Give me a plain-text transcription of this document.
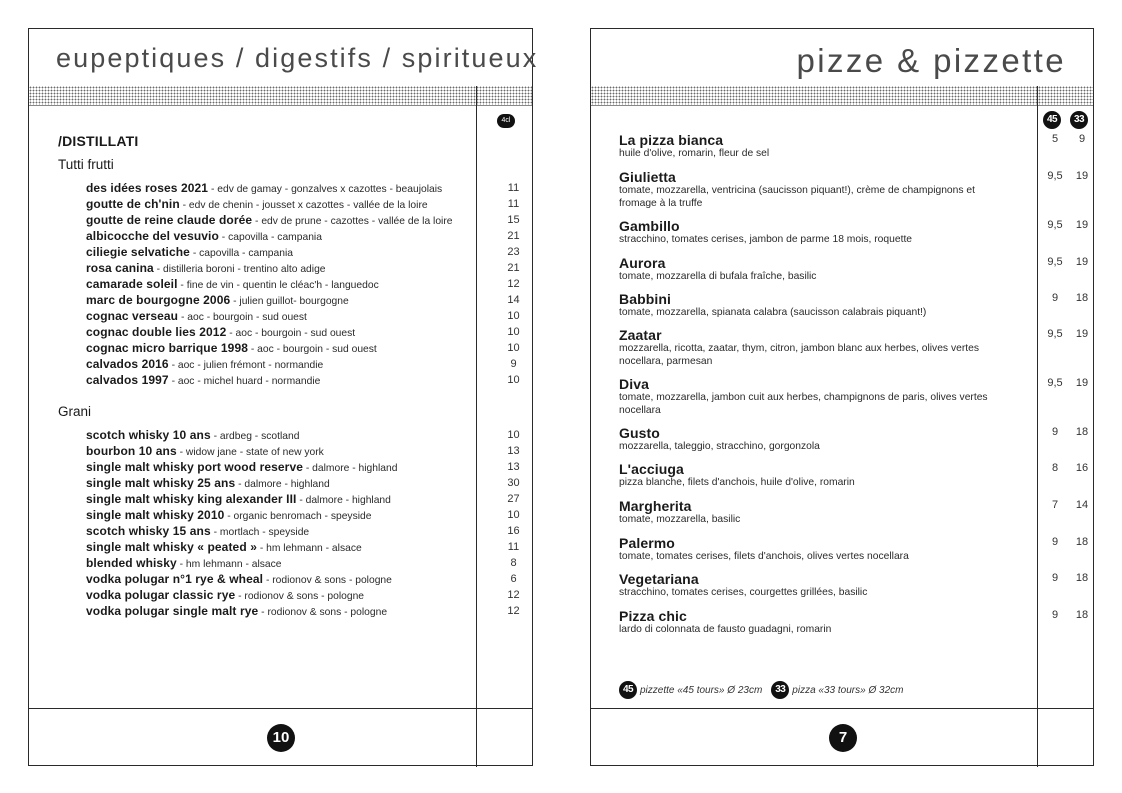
eupeptiques / digestifs / spiritueux
4cl
/DISTILLATI
Tutti frutti
des idées roses 2021 - edv de gamay - gonzalves x cazottes - beaujolais	11
goutte de ch'nin - edv de chenin - jousset x cazottes - vallée de la loire	11
goutte de reine claude dorée - edv de prune - cazottes - vallée de la loire	15
albicocche del vesuvio - capovilla - campania	21
ciliegie selvatiche - capovilla - campania	23
rosa canina - distilleria boroni - trentino alto adige	21
camarade soleil - fine de vin - quentin le cléac'h - languedoc	12
marc de bourgogne 2006 - julien guillot- bourgogne	14
cognac verseau - aoc - bourgoin - sud ouest	10
cognac double lies 2012 - aoc - bourgoin - sud ouest	10
cognac micro barrique 1998 - aoc - bourgoin - sud ouest	10
calvados 2016 - aoc - julien frémont - normandie	9
calvados 1997 - aoc - michel huard - normandie	10
Grani
scotch whisky 10 ans - ardbeg - scotland	10
bourbon 10 ans - widow jane - state of new york	13
single malt whisky port wood reserve - dalmore - highland	13
single malt whisky 25 ans - dalmore - highland	30
single malt whisky king alexander III - dalmore - highland	27
single malt whisky 2010 - organic benromach - speyside	10
scotch whisky 15 ans - mortlach - speyside	16
single malt whisky « peated » - hm lehmann - alsace	11
blended whisky - hm lehmann - alsace	8
vodka polugar n°1 rye & wheal - rodionov & sons - pologne	6
vodka polugar classic rye - rodionov & sons - pologne	12
vodka polugar single malt rye - rodionov & sons - pologne	12
10
pizze & pizzette
45	33
La pizza bianca
huile d'olive, romarin, fleur de sel
5	9
Giulietta
tomate, mozzarella, ventricina (saucisson piquant!), crème de champignons et fromage à la truffe
9,5	19
Gambillo
stracchino, tomates cerises, jambon de parme 18 mois, roquette
9,5	19
Aurora
tomate, mozzarella di bufala fraîche, basilic
9,5	19
Babbini
tomate, mozzarella, spianata calabra (saucisson calabrais piquant!)
9	18
Zaatar
mozzarella, ricotta, zaatar, thym, citron, jambon blanc aux herbes, olives vertes nocellara, parmesan
9,5	19
Diva
tomate, mozzarella, jambon cuit aux herbes, champignons de paris, olives vertes nocellara
9,5	19
Gusto
mozzarella, taleggio, stracchino, gorgonzola
9	18
L'acciuga
pizza blanche, filets d'anchois, huile d'olive, romarin
8	16
Margherita
tomate, mozzarella, basilic
7	14
Palermo
tomate, tomates cerises, filets d'anchois, olives vertes nocellara
9	18
Vegetariana
stracchino, tomates cerises, courgettes grillées, basilic
9	18
Pizza chic
lardo di colonnata de fausto guadagni, romarin
9	18
45 pizzette «45 tours» Ø 23cm 33 pizza «33 tours» Ø 32cm
7
